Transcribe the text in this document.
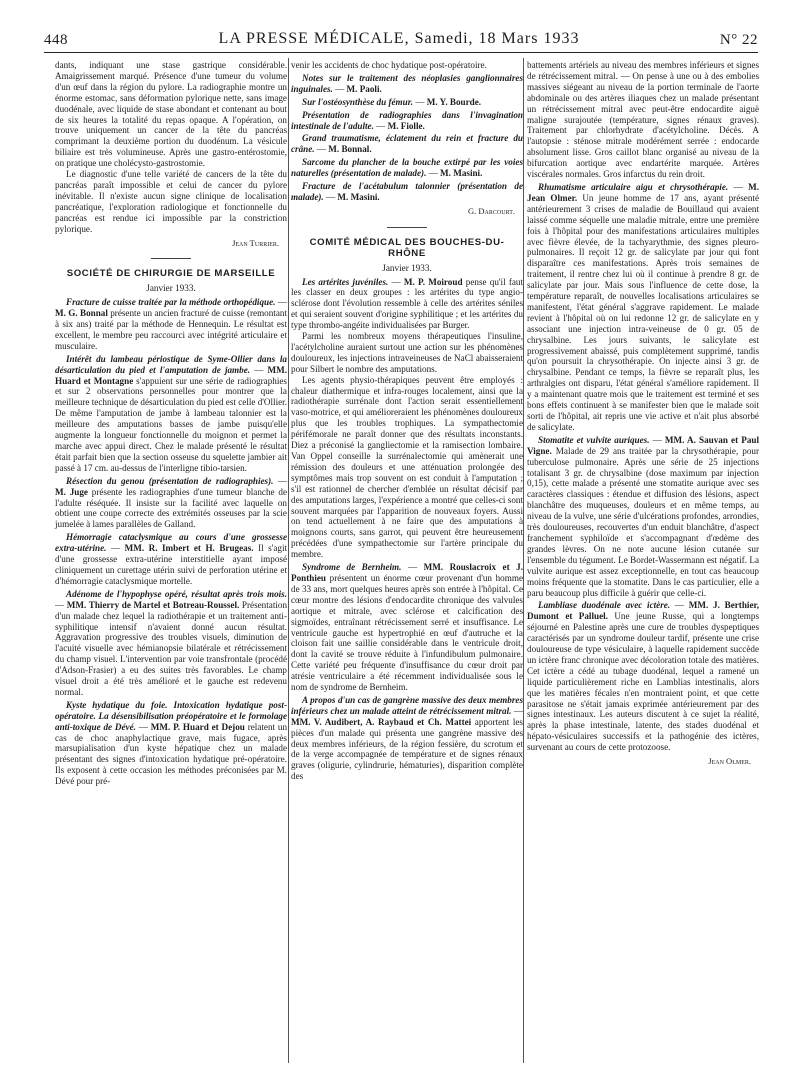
448	LA PRESSE MÉDICALE, Samedi, 18 Mars 1933	N° 22

dants, indiquant une stase gastrique considérable. Amaigrissement marqué. Présence d'une tumeur du volume d'un œuf dans la région du pylore. La radiographie montre un énorme estomac, sans déformation pylorique nette, sans image duodénale, avec liquide de stase abondant et contenant au bout de six heures la totalité du repas opaque. A l'opération, on trouve uniquement un cancer de la tête du pancréas comprimant la deuxième portion du duodénum. La vésicule biliaire est très volumineuse. Après une gastro-entérostomie, on pratique une cholécysto-gastrostomie.

Le diagnostic d'une telle variété de cancers de la tête du pancréas paraît impossible et celui de cancer du pylore inévitable. Il n'existe aucun signe clinique de localisation pancréatique, l'exploration radiologique et fonctionnelle du pancréas est rendue ici impossible par la constriction pylorique.

Jean Turrier.

SOCIÉTÉ DE CHIRURGIE DE MARSEILLE
Janvier 1933.

Fracture de cuisse traitée par la méthode orthopédique. — M. G. Bonnal présente un ancien fracturé de cuisse (remontant à six ans) traité par la méthode de Hennequin. Le résultat est excellent, le membre peu raccourci avec intégrité articulaire et musculaire.

Intérêt du lambeau périostique de Syme-Ollier dans la désarticulation du pied et l'amputation de jambe. — MM. Huard et Montagne s'appuient sur une série de radiographies et sur 2 observations personnelles pour montrer que la meilleure technique de désarticulation du pied est celle d'Ollier. De même l'amputation de jambe à lambeau talonnier est la meilleure des amputations basses de jambe puisqu'elle augmente la longueur fonctionnelle du moignon et permet la marche avec appui direct. Chez le malade présenté le résultat était parfait bien que la section osseuse du squelette jambier ait passé à 17 cm. au-dessus de l'interligne tibio-tarsien.

Résection du genou (présentation de radiographies). — M. Juge présente les radiographies d'une tumeur blanche de l'adulte réséquée. Il insiste sur la facilité avec laquelle on obtient une coupe correcte des extrémités osseuses par la scie jumelée à lames parallèles de Galland.

Hémorragie cataclysmique au cours d'une grossesse extra-utérine. — MM. R. Imbert et H. Brugeas. Il s'agit d'une grossesse extra-utérine interstitielle ayant imposé cliniquement un curettage utérin suivi de perforation utérine et d'hémorragie cataclysmique mortelle.

Adénome de l'hypophyse opéré, résultat après trois mois. — MM. Thierry de Martel et Botreau-Roussel. Présentation d'un malade chez lequel la radiothérapie et un traitement anti-syphilitique intensif n'avaient donné aucun résultat. Aggravation progressive des troubles visuels, diminution de l'acuité visuelle avec hémianopsie bilatérale et rétrécissement du champ visuel. L'intervention par voie transfrontale (procédé d'Adson-Frasier) a eu des suites très favorables. Le champ visuel droit a été très amélioré et le gauche est redevenu normal.

Kyste hydatique du foie. Intoxication hydatique post-opératoire. La désensibilisation préopératoire et le formolage anti-toxique de Dévé. — MM. P. Huard et Dejou relatent un cas de choc anaphylactique grave, mais fugace, après marsupialisation d'un kyste hépatique chez un malade présentant des signes d'intoxication hydatique pré-opératoire. Ils exposent à cette occasion les méthodes préconisées par M. Dévé pour pré-

venir les accidents de choc hydatique post-opératoire.

Notes sur le traitement des néoplasies ganglionnaires inguinales. — M. Paoli.

Sur l'ostéosynthèse du fémur. — M. Y. Bourde.

Présentation de radiographies dans l'invagination intestinale de l'adulte. — M. Fiolle.

Grand traumatisme, éclatement du rein et fracture du crâne. — M. Bonnal.

Sarcome du plancher de la bouche extirpé par les voies naturelles (présentation de malade). — M. Masini.

Fracture de l'acétabulum talonnier (présentation de malade). — M. Masini.

G. Darcourt.

COMITÉ MÉDICAL DES BOUCHES-DU-RHÔNE
Janvier 1933.

Les artérites juvéniles. — M. P. Moiroud pense qu'il faut les classer en deux groupes : les artérites du type angio-sclérose dont l'évolution ressemble à celle des artérites séniles et qui seraient souvent d'origine syphilitique ; et les artérites du type thrombo-angéite individualisées par Burger.

Parmi les nombreux moyens thérapeutiques l'insuline, l'acétylcholine auraient surtout une action sur les phénomènes douloureux, les injections intraveineuses de NaCl abaisseraient pour Silbert le nombre des amputations.

Les agents physio-thérapiques peuvent être employés : chaleur diathermique et infra-rouges localement, ainsi que la radiothérapie surrénale dont l'action serait essentiellement vaso-motrice, et qui amélioreraient les phénomènes douloureux plus que les troubles trophiques. La sympathectomie périfémorale ne paraît donner que des résultats inconstants. Diez a préconisé la gangliectomie et la ramisection lombaire. Van Oppel conseille la surrénalectomie qui amènerait une rémission des douleurs et une atténuation prolongée des symptômes mais trop souvent on est conduit à l'amputation ; s'il est rationnel de chercher d'emblée un résultat décisif par des amputations larges, l'expérience a montré que celles-ci sont souvent marquées par l'apparition de nouveaux foyers. Aussi on tend actuellement à ne faire que des amputations à moignons courts, sans garrot, qui peuvent être heureusement précédées d'une sympathectomie sur l'artère principale du membre.

Syndrome de Bernheim. — MM. Rouslacroix et J. Ponthieu présentent un énorme cœur provenant d'un homme de 33 ans, mort quelques heures après son entrée à l'hôpital. Ce cœur montre des lésions d'endocardite chronique des valvules aortique et mitrale, avec sclérose et calcification des sigmoïdes, entraînant rétrécissement serré et insuffisance. Le ventricule gauche est hypertrophié en œuf d'autruche et la cloison fait une saillie considérable dans le ventricule droit, dont la cavité se trouve réduite à l'infundibulum pulmonaire. Cette variété peu fréquente d'insuffisance du cœur droit par atrésie ventriculaire a été récemment individualisée sous le nom de syndrome de Bernheim.

A propos d'un cas de gangrène massive des deux membres inférieurs chez un malade atteint de rétrécissement mitral. — MM. V. Audibert, A. Raybaud et Ch. Mattei apportent les pièces d'un malade qui présenta une gangrène massive des deux membres inférieurs, de la région fessière, du scrotum et de la verge accompagnée de température et de signes rénaux graves (oligurie, cylindrurie, hématuries), disparition complète des

battements artériels au niveau des membres inférieurs et signes de rétrécissement mitral. — On pense à une ou à des embolies massives siégeant au niveau de la portion terminale de l'aorte abdominale ou des artères iliaques chez un malade présentant un rétrécissement mitral avec peut-être endocardite aiguë maligne surajoutée (température, signes rénaux graves). Traitement par chlorhydrate d'acétylcholine. Décès. A l'autopsie : sténose mitrale modérément serrée : endocarde absolument lisse. Gros caillot blanc organisé au niveau de la bifurcation aortique avec endartérite marquée. Artères viscérales normales. Gros infarctus du rein droit.

Rhumatisme articulaire aigu et chrysothérapie. — M. Jean Olmer. Un jeune homme de 17 ans, ayant présenté antérieurement 3 crises de maladie de Bouillaud qui avaient laissé comme séquelle une maladie mitrale, entre une première fois à l'hôpital pour des manifestations articulaires multiples avec fièvre élevée, de la tachyarythmie, des signes pleuro-pulmonaires. Il reçoit 12 gr. de salicylate par jour qui font disparaître ces manifestations. Après trois semaines de traitement, il rentre chez lui où il continue à prendre 8 gr. de salicylate par jour. Mais sous l'influence de cette dose, la température reparaît, de nouvelles localisations articulaires se manifestent, l'état général s'aggrave rapidement. Le malade revient à l'hôpital où on lui redonne 12 gr. de salicylate en y associant une injection intra-veineuse de 0 gr. 05 de chrysalbine. Les jours suivants, le salicylate est progressivement abaissé, puis complètement supprimé, tandis qu'on poursuit la chrysothérapie. On injecte ainsi 3 gr. de chrysalbine. Pendant ce temps, la fièvre se reparaît plus, les arthralgies ont disparu, l'état général s'améliore rapidement. Il y a maintenant quatre mois que le traitement est terminé et ses bons effets continuent à se manifester bien que le malade soit sorti de l'hôpital, ait repris une vie active et n'ait plus absorbé de salicylate.

Stomatite et vulvite auriques. — MM. A. Sauvan et Paul Vigne. Malade de 29 ans traitée par la chrysothérapie, pour tuberculose pulmonaire. Après une série de 25 injections totalisant 3 gr. de chrysalbine (dose maximum par injection 0,15), cette malade a présenté une stomatite aurique avec ses caractères classiques : étendue et diffusion des lésions, aspect blanchâtre des muqueuses, douleurs et en même temps, au niveau de la vulve, une série d'ulcérations profondes, arrondies, très douloureuses, recouvertes d'un enduit blanchâtre, d'aspect franchement syphiloïde et s'accompagnant d'œdème des grandes lèvres. On ne note aucune lésion cutanée sur l'ensemble du tégument. Le Bordet-Wassermann est négatif. La vulvite aurique est assez exceptionnelle, en tout cas beaucoup moins fréquente que la stomatite. Dans le cas particulier, elle a paru beaucoup plus difficile à guérir que celle-ci.

Lambliase duodénale avec ictère. — MM. J. Berthier, Dumont et Palluel. Une jeune Russe, qui a longtemps séjourné en Palestine après une cure de troubles dyspeptiques caractérisés par un syndrome douleur tardif, présente une crise douloureuse de type vésiculaire, à laquelle rapidement succède un ictère franc chronique avec décoloration totale des matières. Cet ictère a cédé au tubage duodénal, lequel a ramené un liquide particulièrement riche en Lamblias intestinalis, alors que les matières fécales n'en montraient point, et que cette parasitose ne s'était jamais exprimée antérieurement par des signes intestinaux. Les auteurs discutent à ce sujet la réalité, après la phase intestinale, latente, des stades duodénal et hépato-vésiculaires successifs et la pathogénie des ictères, survenant au cours de cette protozoose.

Jean Olmer.
